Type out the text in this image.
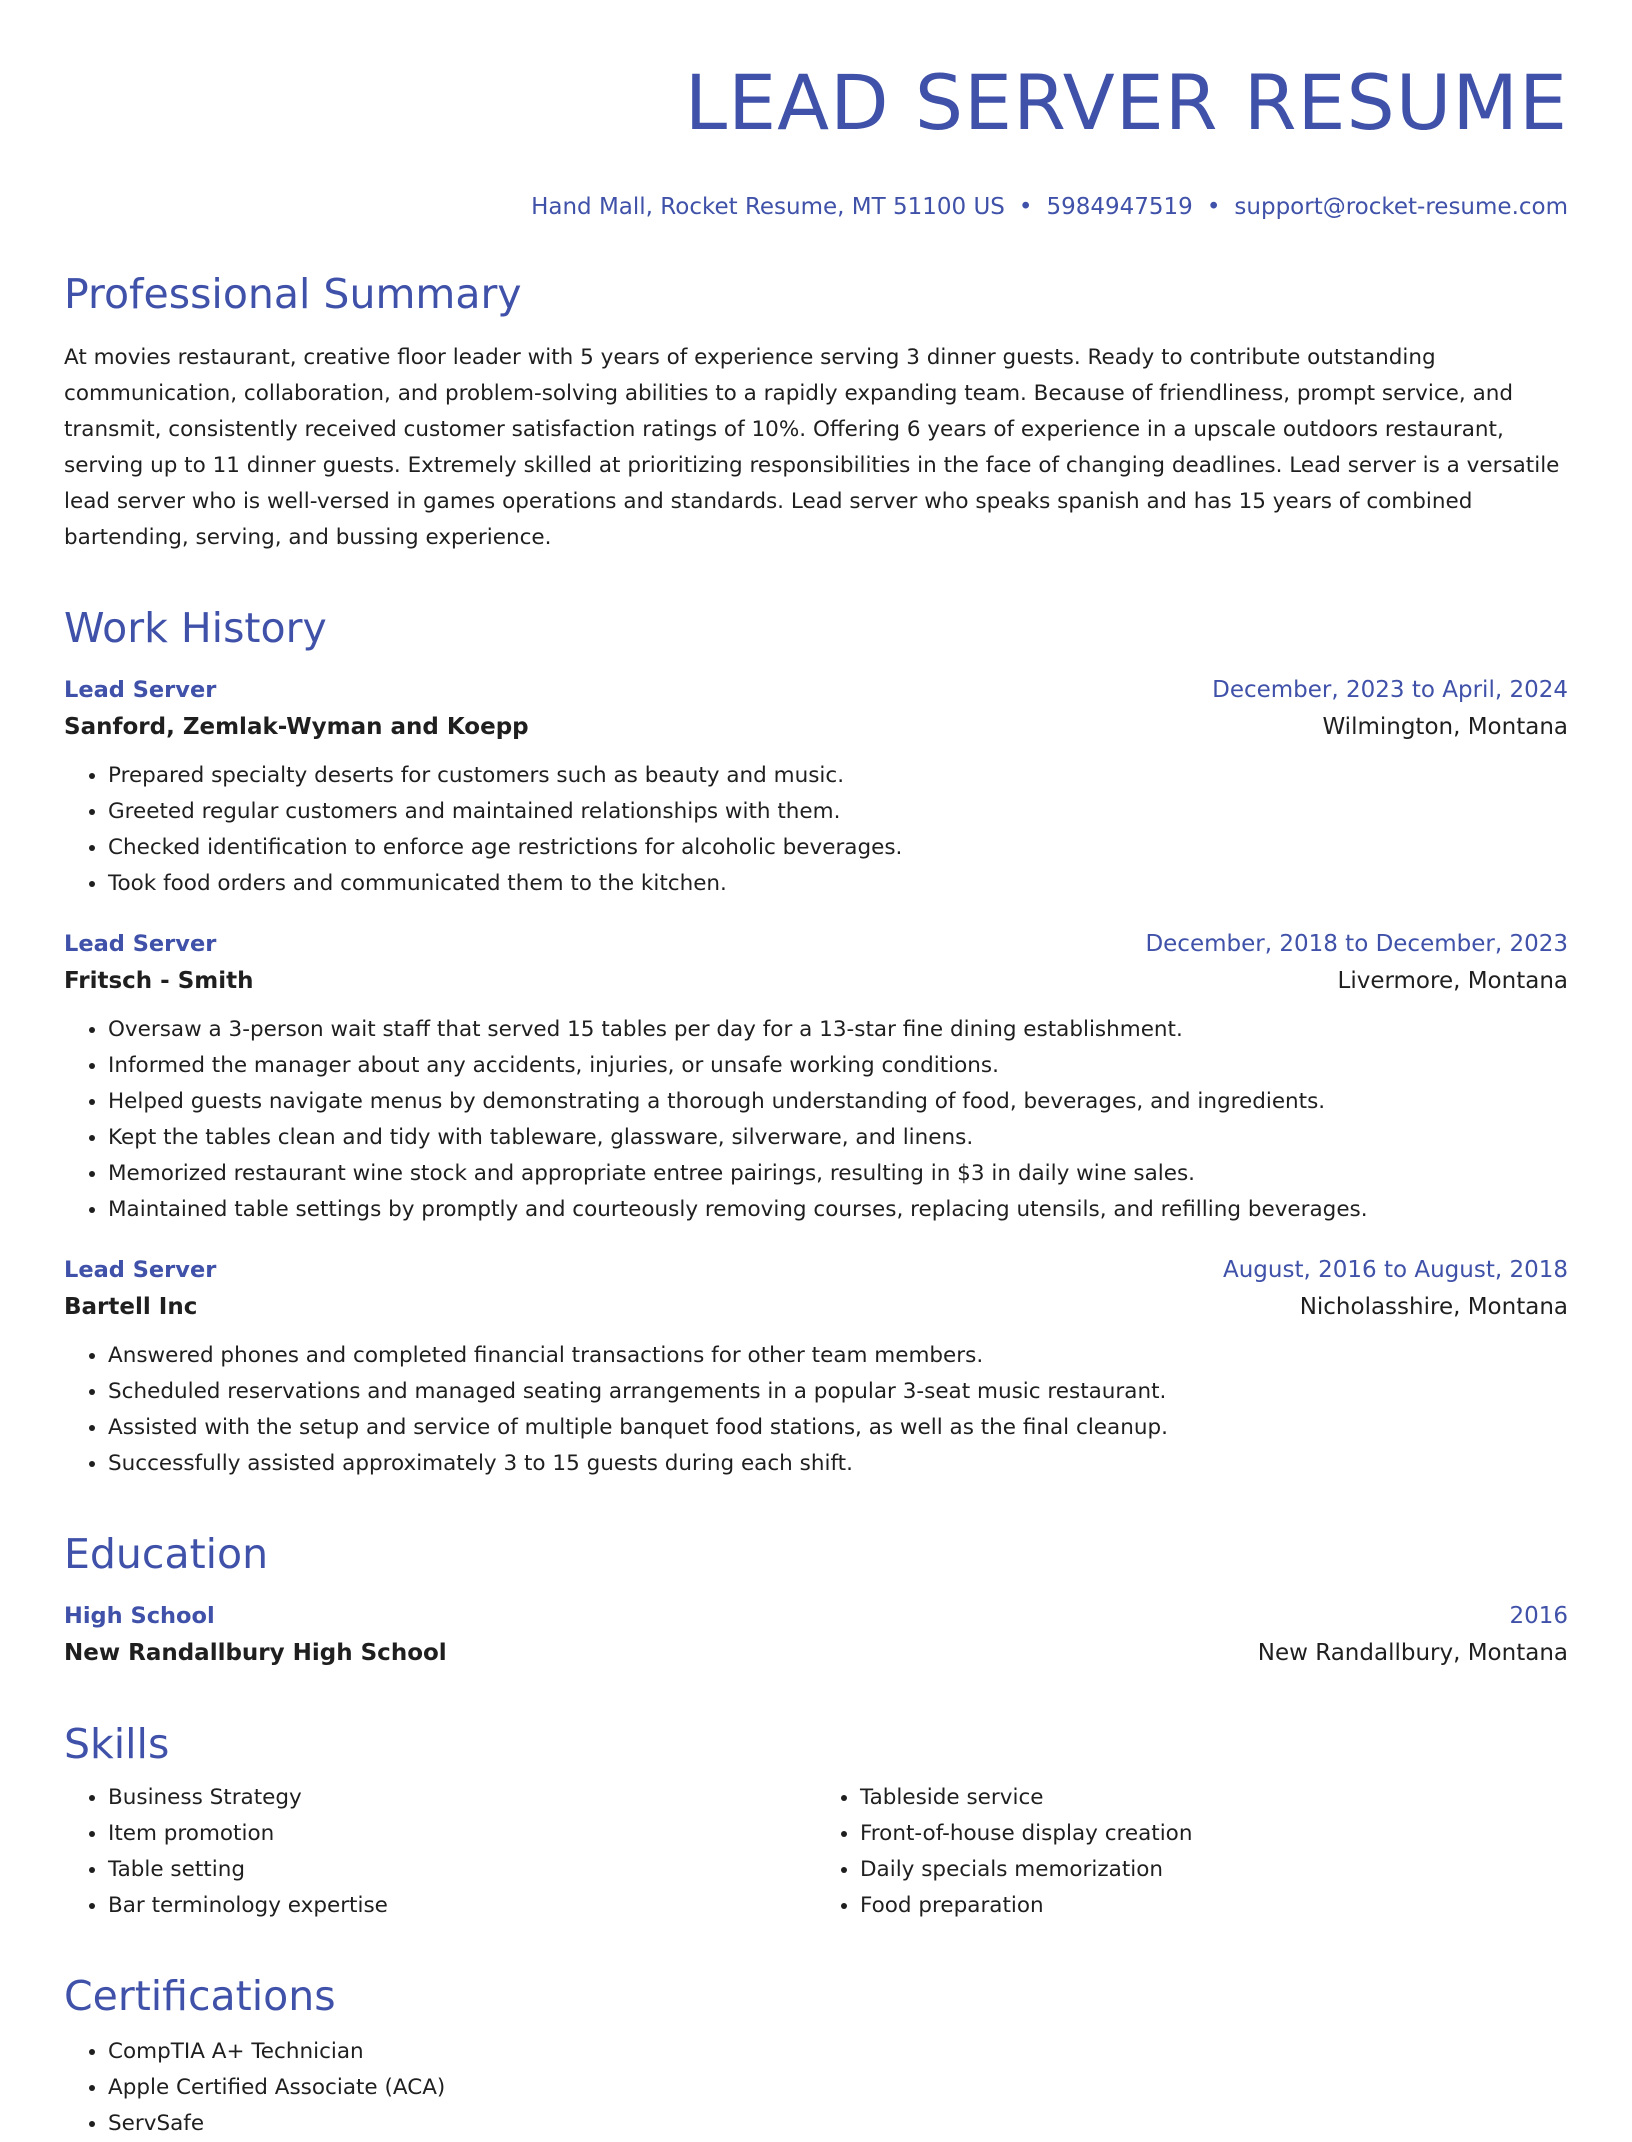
LEAD SERVER RESUME
Hand Mall, Rocket Resume, MT 51100 US • 5984947519 • support@rocket-resume.com
Professional Summary
At movies restaurant, creative floor leader with 5 years of experience serving 3 dinner guests. Ready to contribute outstanding communication, collaboration, and problem-solving abilities to a rapidly expanding team. Because of friendliness, prompt service, and transmit, consistently received customer satisfaction ratings of 10%. Offering 6 years of experience in a upscale outdoors restaurant, serving up to 11 dinner guests. Extremely skilled at prioritizing responsibilities in the face of changing deadlines. Lead server is a versatile lead server who is well-versed in games operations and standards. Lead server who speaks spanish and has 15 years of combined bartending, serving, and bussing experience.
Work History
Lead Server	December, 2023 to April, 2024
Sanford, Zemlak-Wyman and Koepp	Wilmington, Montana
• Prepared specialty deserts for customers such as beauty and music.
• Greeted regular customers and maintained relationships with them.
• Checked identification to enforce age restrictions for alcoholic beverages.
• Took food orders and communicated them to the kitchen.
Lead Server	December, 2018 to December, 2023
Fritsch - Smith	Livermore, Montana
• Oversaw a 3-person wait staff that served 15 tables per day for a 13-star fine dining establishment.
• Informed the manager about any accidents, injuries, or unsafe working conditions.
• Helped guests navigate menus by demonstrating a thorough understanding of food, beverages, and ingredients.
• Kept the tables clean and tidy with tableware, glassware, silverware, and linens.
• Memorized restaurant wine stock and appropriate entree pairings, resulting in $3 in daily wine sales.
• Maintained table settings by promptly and courteously removing courses, replacing utensils, and refilling beverages.
Lead Server	August, 2016 to August, 2018
Bartell Inc	Nicholasshire, Montana
• Answered phones and completed financial transactions for other team members.
• Scheduled reservations and managed seating arrangements in a popular 3-seat music restaurant.
• Assisted with the setup and service of multiple banquet food stations, as well as the final cleanup.
• Successfully assisted approximately 3 to 15 guests during each shift.
Education
High School	2016
New Randallbury High School	New Randallbury, Montana
Skills
• Business Strategy
• Item promotion
• Table setting
• Bar terminology expertise
• Tableside service
• Front-of-house display creation
• Daily specials memorization
• Food preparation
Certifications
• CompTIA A+ Technician
• Apple Certified Associate (ACA)
• ServSafe
